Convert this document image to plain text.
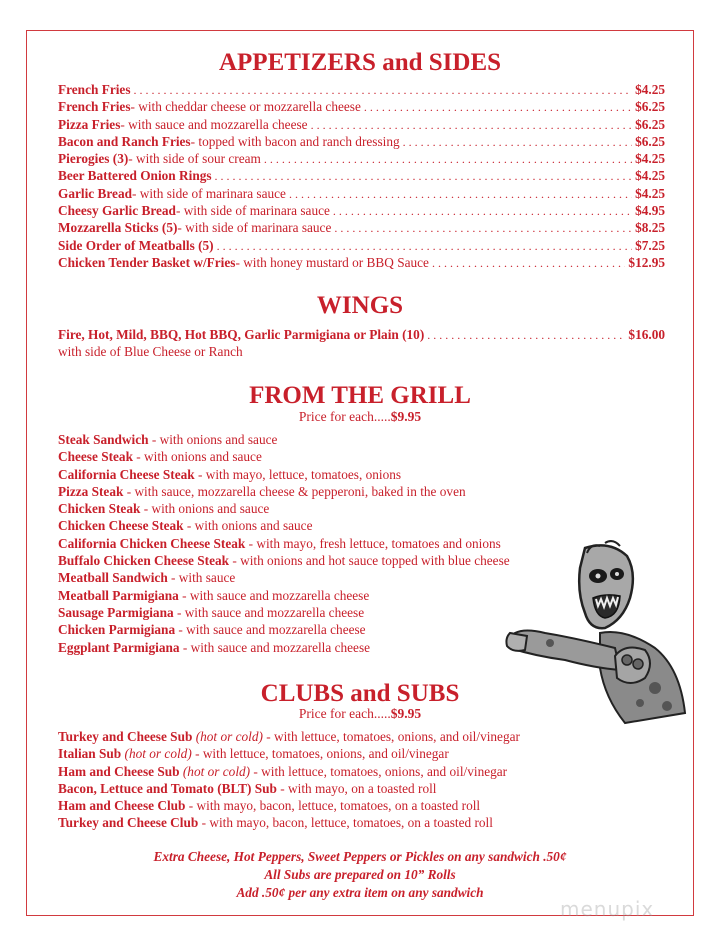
APPETIZERS and SIDES
French Fries . . .	$4.25
French Fries - with cheddar cheese or mozzarella cheese . . .	$6.25
Pizza Fries - with sauce and mozzarella cheese . . .	$6.25
Bacon and Ranch Fries - topped with bacon and ranch dressing . . .	$6.25
Pierogies (3) - with side of sour cream . . .	$4.25
Beer Battered Onion Rings . . .	$4.25
Garlic Bread - with side of marinara sauce . . .	$4.25
Cheesy Garlic Bread - with side of marinara sauce . . .	$4.95
Mozzarella Sticks (5) - with side of marinara sauce . . .	$8.25
Side Order of Meatballs (5) . . .	$7.25
Chicken Tender Basket w/Fries - with honey mustard or BBQ Sauce . . .	$12.95
WINGS
Fire, Hot, Mild, BBQ, Hot BBQ, Garlic Parmigiana or Plain (10) . . .	$16.00
with side of Blue Cheese or Ranch
FROM THE GRILL
Price for each.....$9.95
Steak Sandwich - with onions and sauce
Cheese Steak - with onions and sauce
California Cheese Steak - with mayo, lettuce, tomatoes, onions
Pizza Steak - with sauce, mozzarella cheese & pepperoni, baked in the oven
Chicken Steak - with onions and sauce
Chicken Cheese Steak - with onions and sauce
California Chicken Cheese Steak - with mayo, fresh lettuce, tomatoes and onions
Buffalo Chicken Cheese Steak - with onions and hot sauce topped with blue cheese
Meatball Sandwich - with sauce
Meatball Parmigiana - with sauce and mozzarella cheese
Sausage Parmigiana - with sauce and mozzarella cheese
Chicken Parmigiana - with sauce and mozzarella cheese
Eggplant Parmigiana - with sauce and mozzarella cheese
CLUBS and SUBS
Price for each.....$9.95
Turkey and Cheese Sub (hot or cold) - with lettuce, tomatoes, onions, and oil/vinegar
Italian Sub (hot or cold) - with lettuce, tomatoes, onions, and oil/vinegar
Ham and Cheese Sub (hot or cold) - with lettuce, tomatoes, onions, and oil/vinegar
Bacon, Lettuce and Tomato (BLT) Sub - with mayo, on a toasted roll
Ham and Cheese Club - with mayo, bacon, lettuce, tomatoes, on a toasted roll
Turkey and Cheese Club - with mayo, bacon, lettuce, tomatoes, on a toasted roll
Extra Cheese, Hot Peppers, Sweet Peppers or Pickles on any sandwich .50¢
All Subs are prepared on 10” Rolls
Add .50¢ per any extra item on any sandwich
menupix
